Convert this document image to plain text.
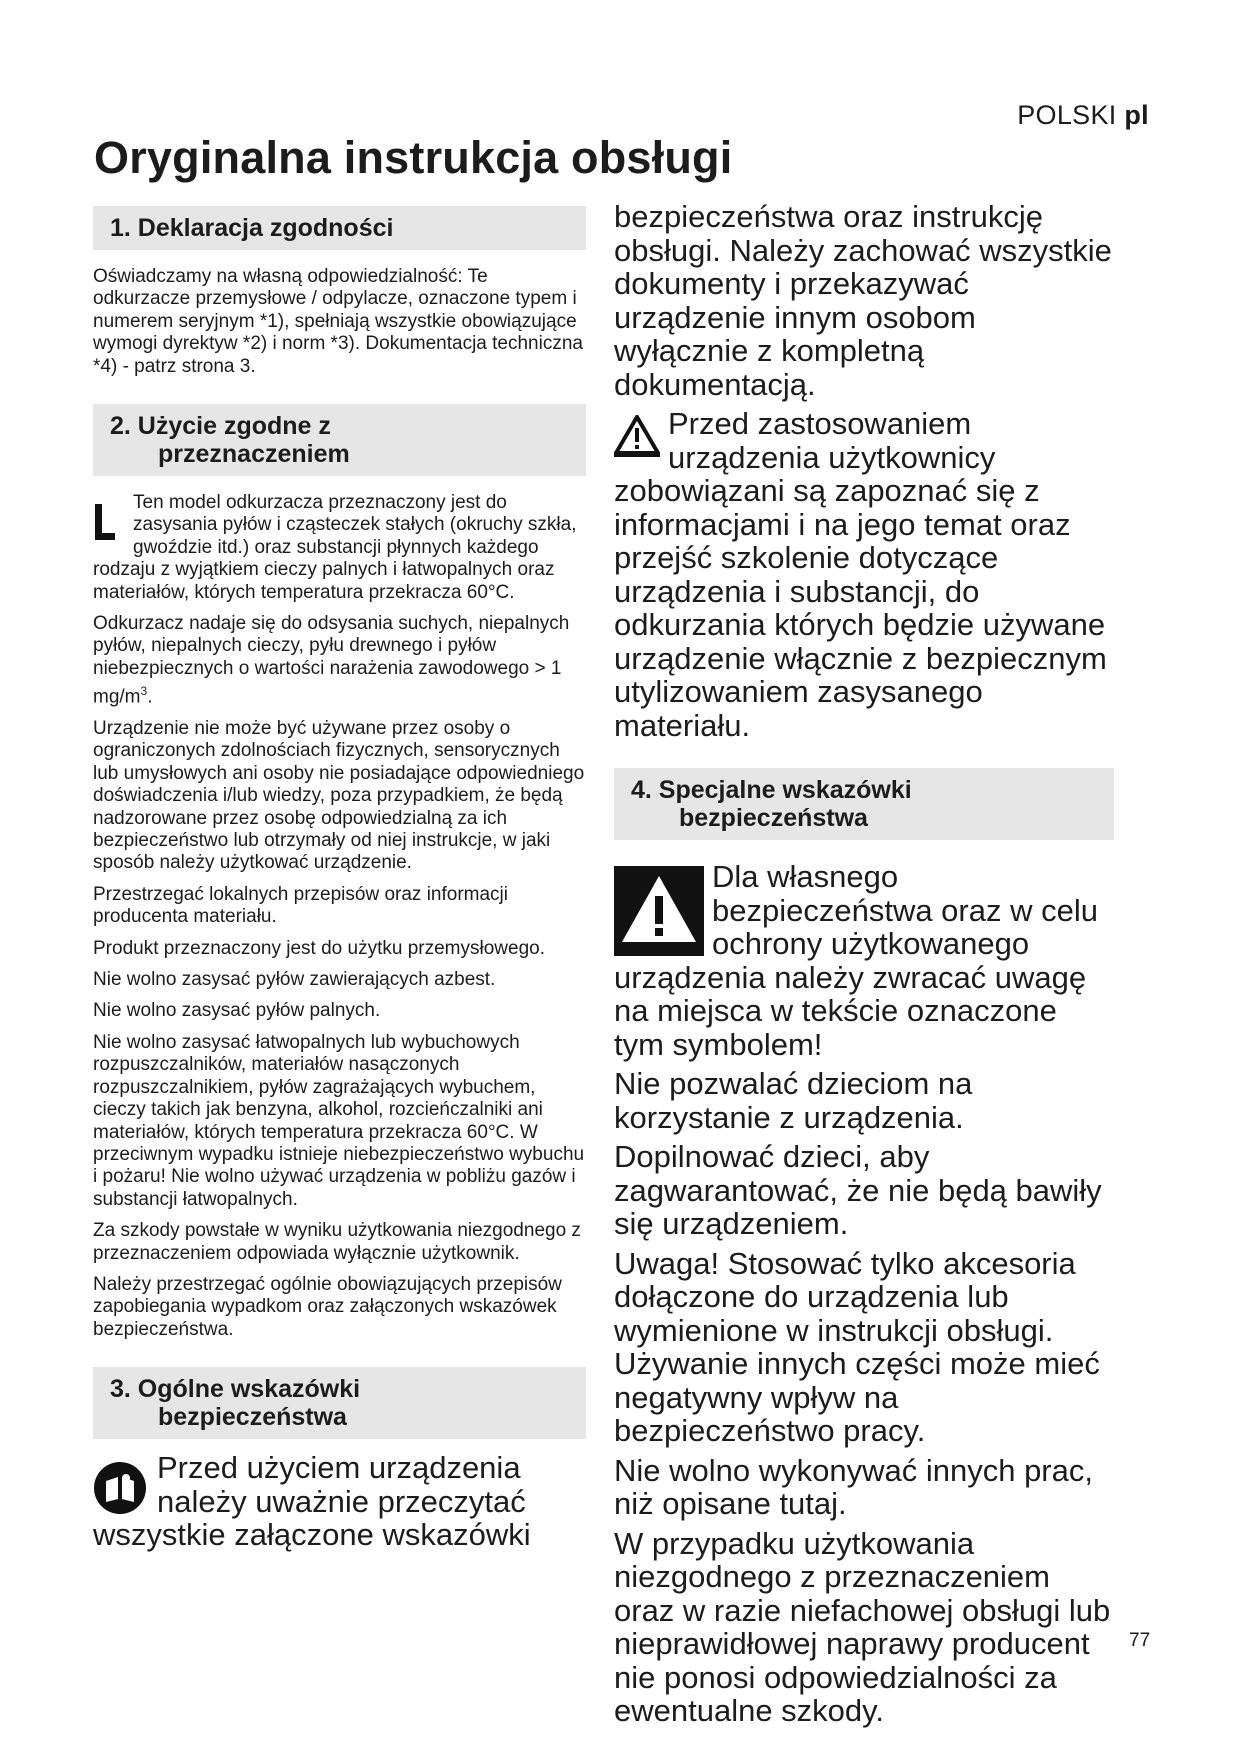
POLSKI pl
Oryginalna instrukcja obsługi
1. Deklaracja zgodności

Oświadczamy na własną odpowiedzialność: Te odkurzacze przemysłowe / odpylacze, oznaczone typem i numerem seryjnym *1), spełniają wszystkie obowiązujące wymogi dyrektyw *2) i norm *3). Dokumentacja techniczna *4) - patrz strona 3.

2. Użycie zgodne z
przeznaczeniem

Ten model odkurzacza przeznaczony jest do zasysania pyłów i cząsteczek stałych (okruchy szkła, gwoździe itd.) oraz substancji płynnych każdego rodzaju z wyjątkiem cieczy palnych i łatwopalnych oraz materiałów, których temperatura przekracza 60°C.

Odkurzacz nadaje się do odsysania suchych, niepalnych pyłów, niepalnych cieczy, pyłu drewnego i pyłów niebezpiecznych o wartości narażenia zawodowego > 1 $mg/m^3$.

Urządzenie nie może być używane przez osoby o ograniczonych zdolnościach fizycznych, sensorycznych lub umysłowych ani osoby nie posiadające odpowiedniego doświadczenia i/lub wiedzy, poza przypadkiem, że będą nadzorowane przez osobę odpowiedzialną za ich bezpieczeństwo lub otrzymały od niej instrukcje, w jaki sposób należy użytkować urządzenie.

Przestrzegać lokalnych przepisów oraz informacji producenta materiału.

Produkt przeznaczony jest do użytku przemysłowego.

Nie wolno zasysać pyłów zawierających azbest.

Nie wolno zasysać pyłów palnych.

Nie wolno zasysać łatwopalnych lub wybuchowych rozpuszczalników, materiałów nasączonych rozpuszczalnikiem, pyłów zagrażających wybuchem, cieczy takich jak benzyna, alkohol, rozcieńczalniki ani materiałów, których temperatura przekracza 60°C. W przeciwnym wypadku istnieje niebezpieczeństwo wybuchu i pożaru! Nie wolno używać urządzenia w pobliżu gazów i substancji łatwopalnych.

Za szkody powstałe w wyniku użytkowania niezgodnego z przeznaczeniem odpowiada wyłącznie użytkownik.

Należy przestrzegać ogólnie obowiązujących przepisów zapobiegania wypadkom oraz załączonych wskazówek bezpieczeństwa.

3. Ogólne wskazówki
bezpieczeństwa

Przed użyciem urządzenia należy uważnie przeczytać wszystkie załączone wskazówki

bezpieczeństwa oraz instrukcję obsługi. Należy zachować wszystkie dokumenty i przekazywać urządzenie innym osobom wyłącznie z kompletną dokumentacją.

Przed zastosowaniem urządzenia użytkownicy zobowiązani są zapoznać się z informacjami i na jego temat oraz przejść szkolenie dotyczące urządzenia i substancji, do odkurzania których będzie używane urządzenie włącznie z bezpiecznym utylizowaniem zasysanego materiału.

4. Specjalne wskazówki
bezpieczeństwa

Dla własnego bezpieczeństwa oraz w celu ochrony użytkowanego urządzenia należy zwracać uwagę na miejsca w tekście oznaczone tym symbolem!

Nie pozwalać dzieciom na korzystanie z urządzenia.

Dopilnować dzieci, aby zagwarantować, że nie będą bawiły się urządzeniem.

Uwaga! Stosować tylko akcesoria dołączone do urządzenia lub wymienione w instrukcji obsługi. Używanie innych części może mieć negatywny wpływ na bezpieczeństwo pracy.

Nie wolno wykonywać innych prac, niż opisane tutaj.

W przypadku użytkowania niezgodnego z przeznaczeniem oraz w razie niefachowej obsługi lub nieprawidłowej naprawy producent nie ponosi odpowiedzialności za ewentualne szkody.

77
